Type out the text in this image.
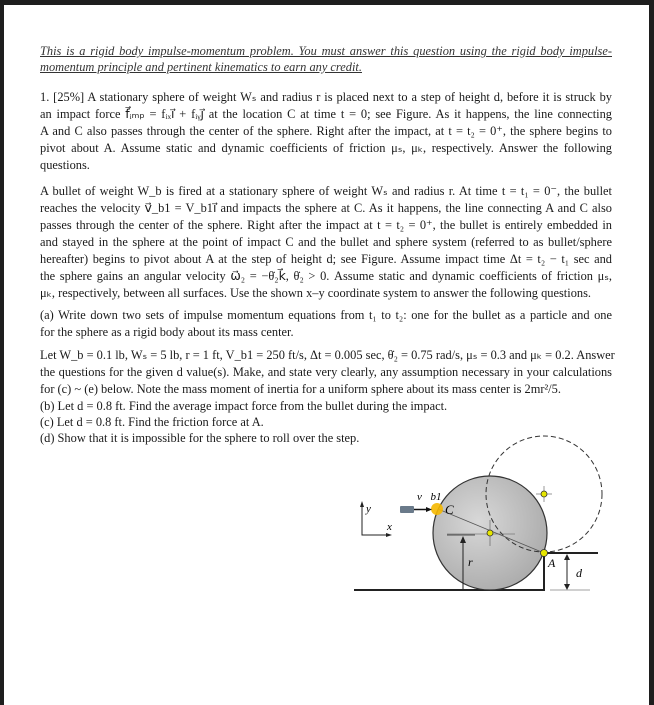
This is a rigid body impulse-momentum problem. You must answer this question using the rigid body impulse-
momentum principle and pertinent kinematics to earn any credit.
1. [25%] A stationary sphere of weight Wₛ and radius r is placed next to a step of height d, before it is struck by
an impact force f⃗ᵢₘₚ = fᵢₓı⃗ + fᵢᵧȷ⃗ at the location C at time t = 0; see Figure. As it happens, the line connecting
A and C also passes through the center of the sphere. Right after the impact, at t = t₂ = 0⁺, the sphere begins to
pivot about A. Assume static and dynamic coefficients of friction μₛ, μₖ, respectively. Answer the following
questions.
A bullet of weight W_b is fired at a stationary sphere of weight Wₛ and radius r. At time t = t₁ = 0⁻, the bullet
reaches the velocity v⃗_b1 = V_b1ı⃗ and impacts the sphere at C. As it happens, the line connecting A and C also
passes through the center of the sphere. Right after the impact at t = t₂ = 0⁺, the bullet is entirely embedded in
and stayed in the sphere at the point of impact C and the bullet and sphere system (referred to as bullet/sphere
hereafter) begins to pivot about A at the step of height d; see Figure. Assume impact time Δt = t₂ − t₁ sec and
the sphere gains an angular velocity ω⃗₂ = −θ̇₂k⃗, θ̇₂ > 0. Assume static and dynamic coefficients of friction μₛ,
μₖ, respectively, between all surfaces. Use the shown x–y coordinate system to answer the following questions.
(a) Write down two sets of impulse momentum equations from t₁ to t₂: one for the bullet as a particle and one
for the sphere as a rigid body about its mass center.
Let W_b = 0.1 lb, Wₛ = 5 lb, r = 1 ft, V_b1 = 250 ft/s, Δt = 0.005 sec, θ̇₂ = 0.75 rad/s, μₛ = 0.3 and μₖ = 0.2. Answer
the questions for the given d value(s). Make, and state very clearly, any assumption necessary in your calculations
for (c) ~ (e) below. Note the mass moment of inertia for a uniform sphere about its mass center is 2mr²/5.
(b) Let d = 0.8 ft. Find the average impact force from the bullet during the impact.
(c) Let d = 0.8 ft. Find the friction force at A.
(d) Show that it is impossible for the sphere to roll over the step.
v⃗b1
C
A
r
d
y
x
